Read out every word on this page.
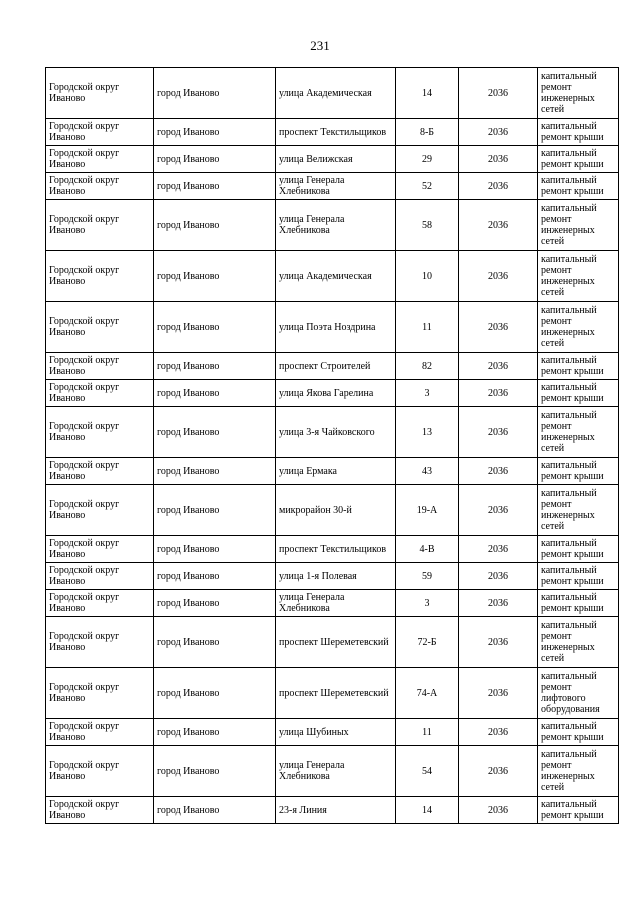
231
Городской округ Иваново	город Иваново	улица Академическая	14	2036	капитальный ремонт инженерных сетей
Городской округ Иваново	город Иваново	проспект Текстильщиков	8-Б	2036	капитальный ремонт крыши
Городской округ Иваново	город Иваново	улица Велижская	29	2036	капитальный ремонт крыши
Городской округ Иваново	город Иваново	улица Генерала Хлебникова	52	2036	капитальный ремонт крыши
Городской округ Иваново	город Иваново	улица Генерала Хлебникова	58	2036	капитальный ремонт инженерных сетей
Городской округ Иваново	город Иваново	улица Академическая	10	2036	капитальный ремонт инженерных сетей
Городской округ Иваново	город Иваново	улица Поэта Ноздрина	11	2036	капитальный ремонт инженерных сетей
Городской округ Иваново	город Иваново	проспект Строителей	82	2036	капитальный ремонт крыши
Городской округ Иваново	город Иваново	улица Якова Гарелина	3	2036	капитальный ремонт крыши
Городской округ Иваново	город Иваново	улица 3-я Чайковского	13	2036	капитальный ремонт инженерных сетей
Городской округ Иваново	город Иваново	улица Ермака	43	2036	капитальный ремонт крыши
Городской округ Иваново	город Иваново	микрорайон 30-й	19-А	2036	капитальный ремонт инженерных сетей
Городской округ Иваново	город Иваново	проспект Текстильщиков	4-В	2036	капитальный ремонт крыши
Городской округ Иваново	город Иваново	улица 1-я Полевая	59	2036	капитальный ремонт крыши
Городской округ Иваново	город Иваново	улица Генерала Хлебникова	3	2036	капитальный ремонт крыши
Городской округ Иваново	город Иваново	проспект Шереметевский	72-Б	2036	капитальный ремонт инженерных сетей
Городской округ Иваново	город Иваново	проспект Шереметевский	74-А	2036	капитальный ремонт лифтового оборудования
Городской округ Иваново	город Иваново	улица Шубиных	11	2036	капитальный ремонт крыши
Городской округ Иваново	город Иваново	улица Генерала Хлебникова	54	2036	капитальный ремонт инженерных сетей
Городской округ Иваново	город Иваново	23-я Линия	14	2036	капитальный ремонт крыши
